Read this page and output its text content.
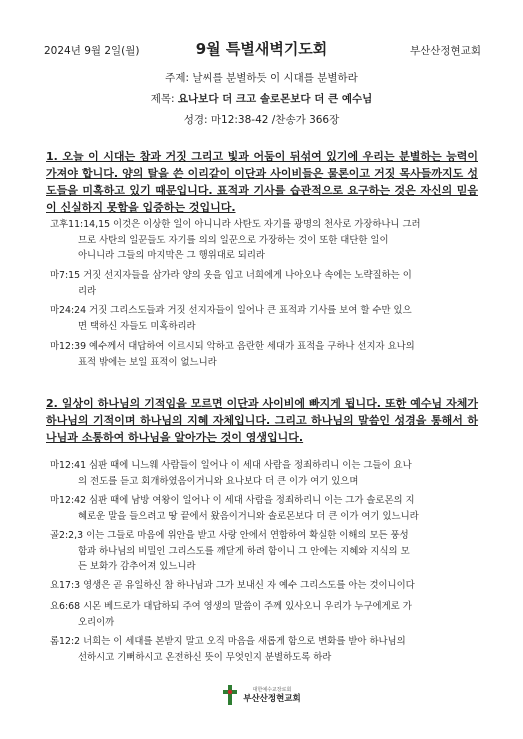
2024년 9월 2일(월)	9월 특별새벽기도회	부산산정현교회
주제: 날씨를 분별하듯 이 시대를 분별하라
제목: 요나보다 더 크고 솔로몬보다 더 큰 예수님
성경: 마12:38-42 /찬송가 366장
1. 오늘 이 시대는 참과 거짓 그리고 빛과 어둠이 뒤섞여 있기에 우리는 분별하는 능력이 가져야 합니다. 양의 탈을 쓴 이리같이 이단과 사이비들은 물론이고 거짓 목사들까지도 성도들을 미혹하고 있기 때문입니다. 표적과 기사를 습관적으로 요구하는 것은 자신의 믿음이 신실하지 못함을 입증하는 것입니다.
고후11:14,15 이것은 이상한 일이 아니니라 사탄도 자기를 광명의 천사로 가장하나니 그러
므로 사탄의 일꾼들도 자기를 의의 일꾼으로 가장하는 것이 또한 대단한 일이
아니니라 그들의 마지막은 그 행위대로 되리라
마7:15 거짓 선지자들을 삼가라 양의 옷을 입고 너희에게 나아오나 속에는 노략질하는 이
리라
마24:24 거짓 그리스도들과 거짓 선지자들이 일어나 큰 표적과 기사를 보여 할 수만 있으
면 택하신 자들도 미혹하리라
마12:39 예수께서 대답하여 이르시되 악하고 음란한 세대가 표적을 구하나 선지자 요나의
표적 밖에는 보일 표적이 없느니라
2. 일상이 하나님의 기적임을 모르면 이단과 사이비에 빠지게 됩니다. 또한 예수님 자체가 하나님의 기적이며 하나님의 지혜 자체입니다. 그리고 하나님의 말씀인 성경을 통해서 하나님과 소통하여 하나님을 알아가는 것이 영생입니다.
마12:41 심판 때에 니느웨 사람들이 일어나 이 세대 사람을 정죄하리니 이는 그들이 요나
의 전도를 듣고 회개하였음이거니와 요나보다 더 큰 이가 여기 있으며
마12:42 심판 때에 남방 여왕이 일어나 이 세대 사람을 정죄하리니 이는 그가 솔로몬의 지
혜로운 말을 들으려고 땅 끝에서 왔음이거니와 솔로몬보다 더 큰 이가 여기 있느니라
골2:2,3 이는 그들로 마음에 위안을 받고 사랑 안에서 연합하여 확실한 이해의 모든 풍성
함과 하나님의 비밀인 그리스도를 깨닫게 하려 함이니 그 안에는 지혜와 지식의 모
든 보화가 감추어져 있느니라
요17:3 영생은 곧 유일하신 참 하나님과 그가 보내신 자 예수 그리스도를 아는 것이니이다
요6:68 시몬 베드로가 대답하되 주여 영생의 말씀이 주께 있사오니 우리가 누구에게로 가
오리이까
롬12:2 너희는 이 세대를 본받지 말고 오직 마음을 새롭게 함으로 변화를 받아 하나님의
선하시고 기뻐하시고 온전하신 뜻이 무엇인지 분별하도록 하라
대한예수교장로회
부산산정현교회
